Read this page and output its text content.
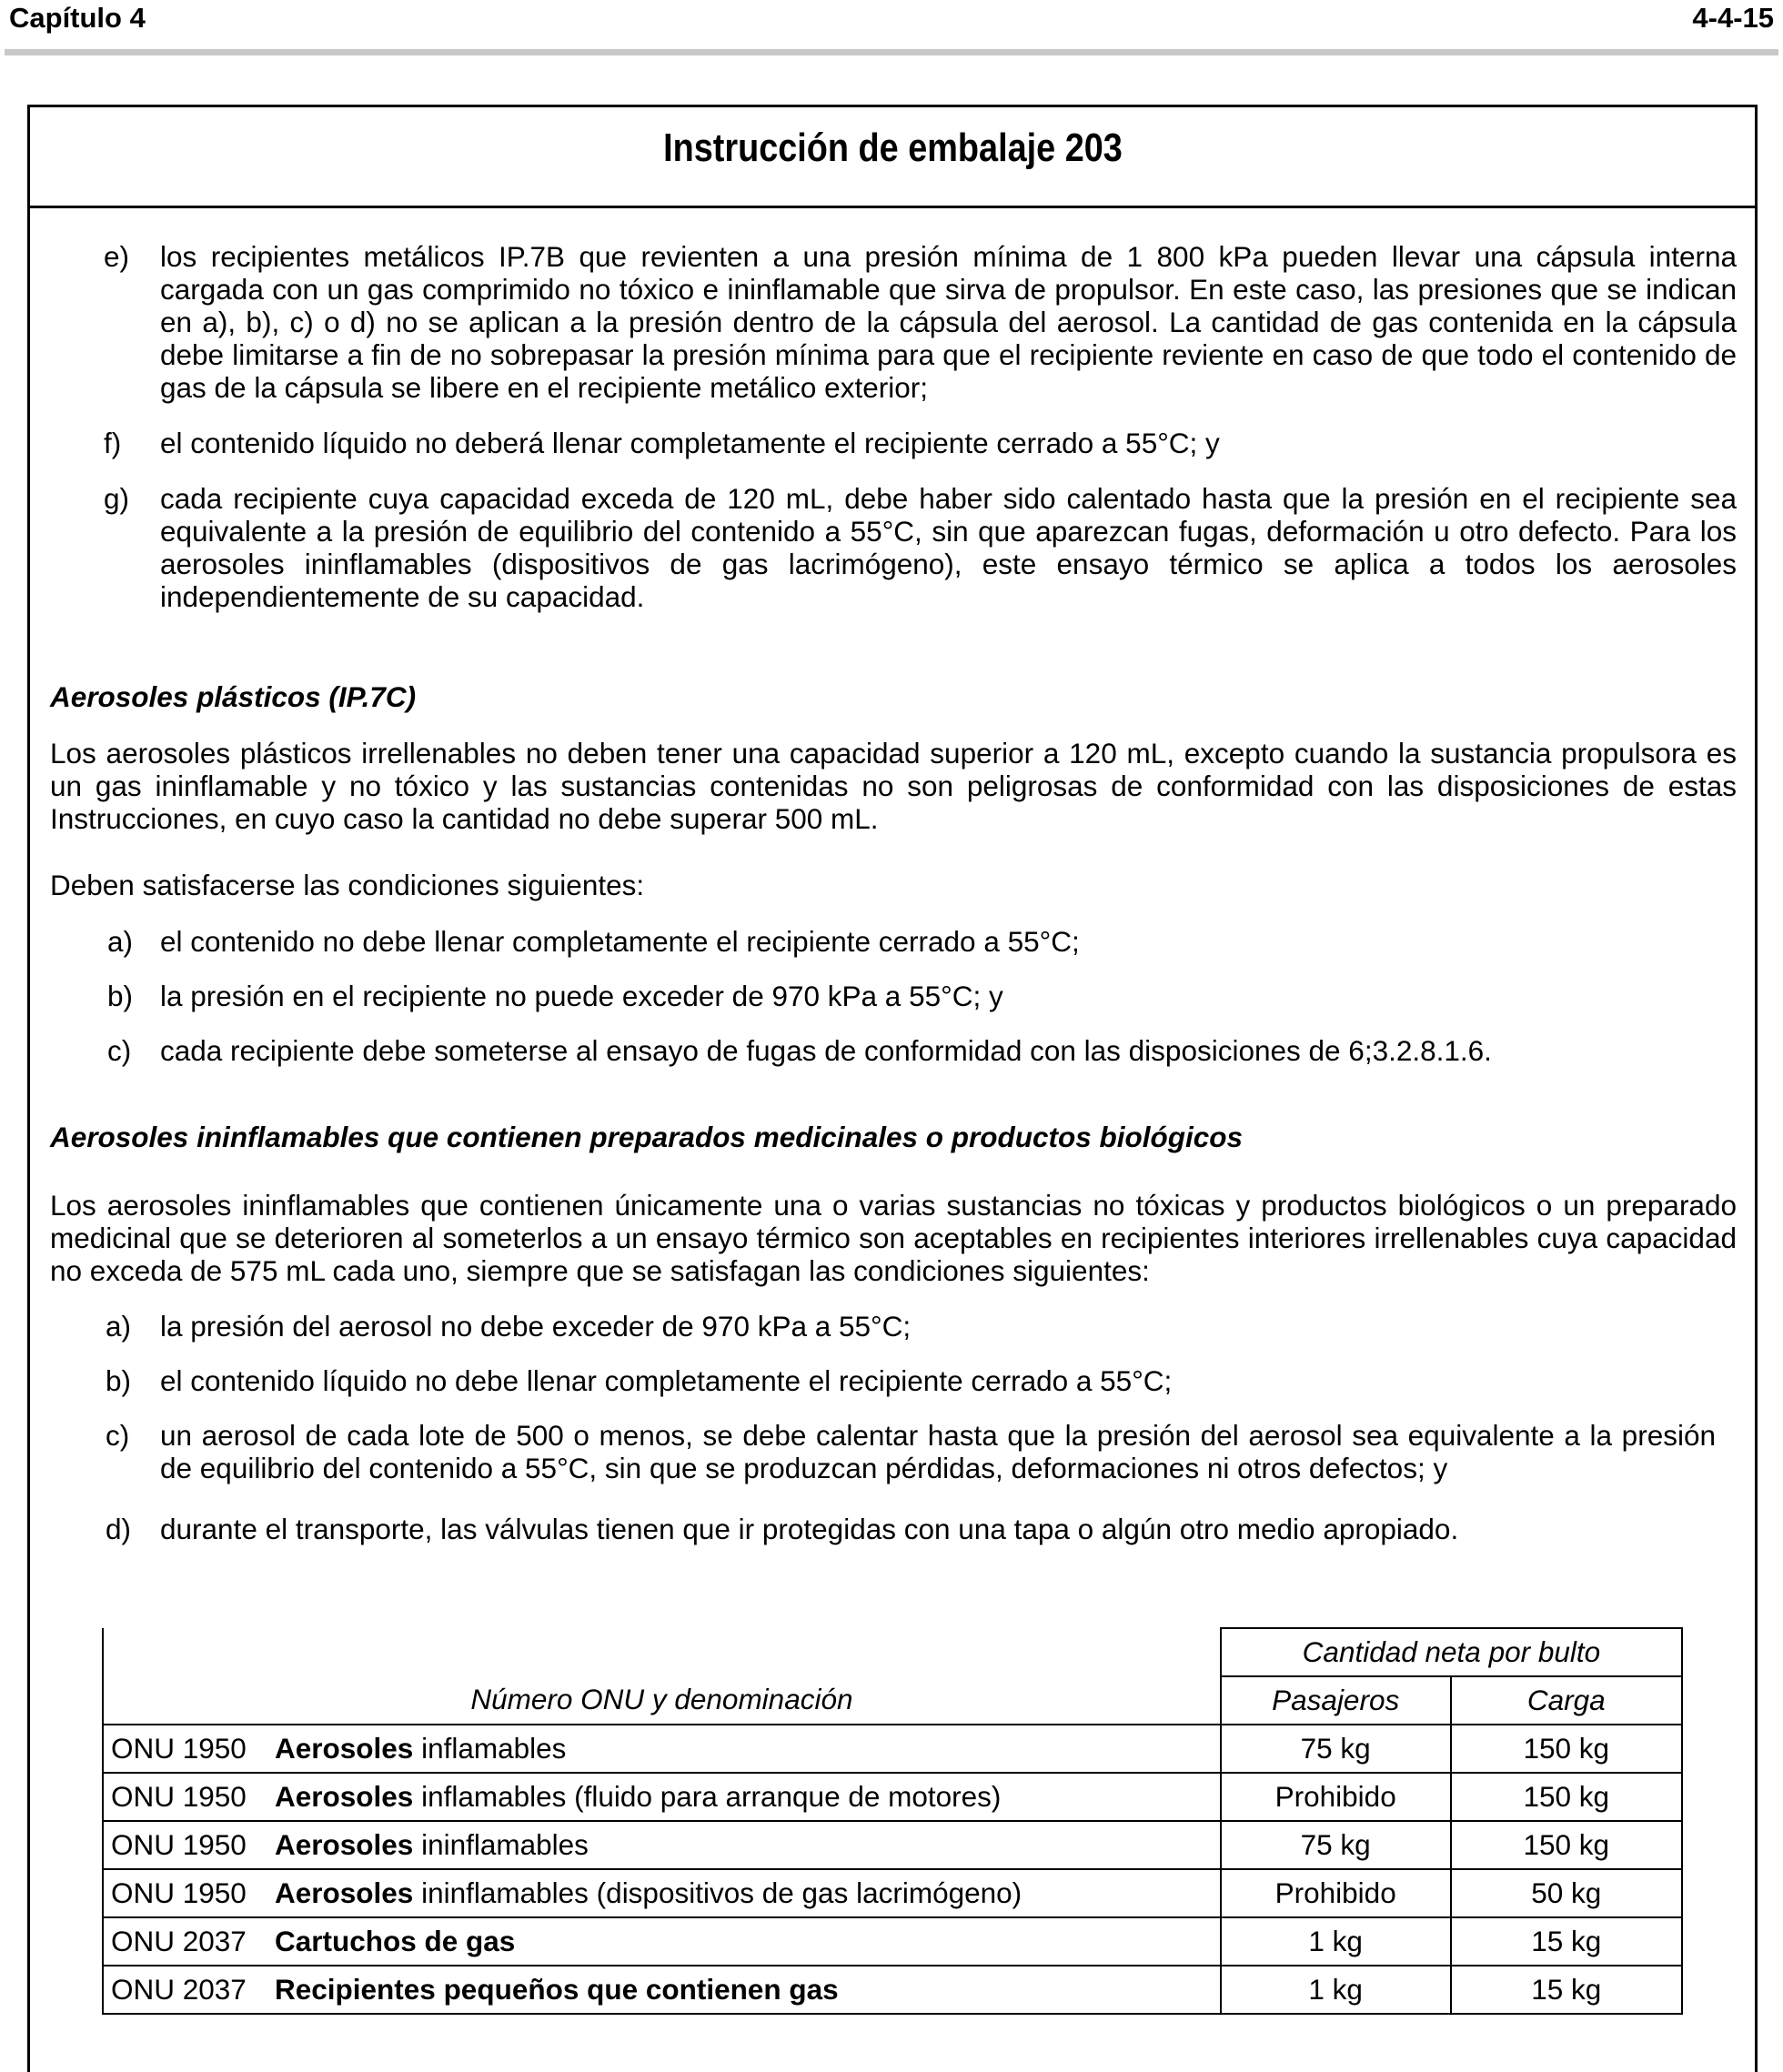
Capítulo 4	4-4-15
Instrucción de embalaje 203
e) los recipientes metálicos IP.7B que revienten a una presión mínima de 1 800 kPa pueden llevar una cápsula interna cargada con un gas comprimido no tóxico e ininflamable que sirva de propulsor. En este caso, las presiones que se indican en a), b), c) o d) no se aplican a la presión dentro de la cápsula del aerosol. La cantidad de gas contenida en la cápsula debe limitarse a fin de no sobrepasar la presión mínima para que el recipiente reviente en caso de que todo el contenido de gas de la cápsula se libere en el recipiente metálico exterior;
f) el contenido líquido no deberá llenar completamente el recipiente cerrado a 55°C; y
g) cada recipiente cuya capacidad exceda de 120 mL, debe haber sido calentado hasta que la presión en el recipiente sea equivalente a la presión de equilibrio del contenido a 55°C, sin que aparezcan fugas, deformación u otro defecto. Para los aerosoles ininflamables (dispositivos de gas lacrimógeno), este ensayo térmico se aplica a todos los aerosoles independientemente de su capacidad.
Aerosoles plásticos (IP.7C)
Los aerosoles plásticos irrellenables no deben tener una capacidad superior a 120 mL, excepto cuando la sustancia propulsora es un gas ininflamable y no tóxico y las sustancias contenidas no son peligrosas de conformidad con las disposiciones de estas Instrucciones, en cuyo caso la cantidad no debe superar 500 mL.
Deben satisfacerse las condiciones siguientes:
a) el contenido no debe llenar completamente el recipiente cerrado a 55°C;
b) la presión en el recipiente no puede exceder de 970 kPa a 55°C; y
c) cada recipiente debe someterse al ensayo de fugas de conformidad con las disposiciones de 6;3.2.8.1.6.
Aerosoles ininflamables que contienen preparados medicinales o productos biológicos
Los aerosoles ininflamables que contienen únicamente una o varias sustancias no tóxicas y productos biológicos o un preparado medicinal que se deterioren al someterlos a un ensayo térmico son aceptables en recipientes interiores irrellenables cuya capacidad no exceda de 575 mL cada uno, siempre que se satisfagan las condiciones siguientes:
a) la presión del aerosol no debe exceder de 970 kPa a 55°C;
b) el contenido líquido no debe llenar completamente el recipiente cerrado a 55°C;
c) un aerosol de cada lote de 500 o menos, se debe calentar hasta que la presión del aerosol sea equivalente a la presión de equilibrio del contenido a 55°C, sin que se produzcan pérdidas, deformaciones ni otros defectos; y
d) durante el transporte, las válvulas tienen que ir protegidas con una tapa o algún otro medio apropiado.
Número ONU y denominación	Cantidad neta por bulto	
	Pasajeros	Carga
ONU 1950 Aerosoles inflamables	75 kg	150 kg
ONU 1950 Aerosoles inflamables (fluido para arranque de motores)	Prohibido	150 kg
ONU 1950 Aerosoles ininflamables	75 kg	150 kg
ONU 1950 Aerosoles ininflamables (dispositivos de gas lacrimógeno)	Prohibido	50 kg
ONU 2037 Cartuchos de gas	1 kg	15 kg
ONU 2037 Recipientes pequeños que contienen gas	1 kg	15 kg
